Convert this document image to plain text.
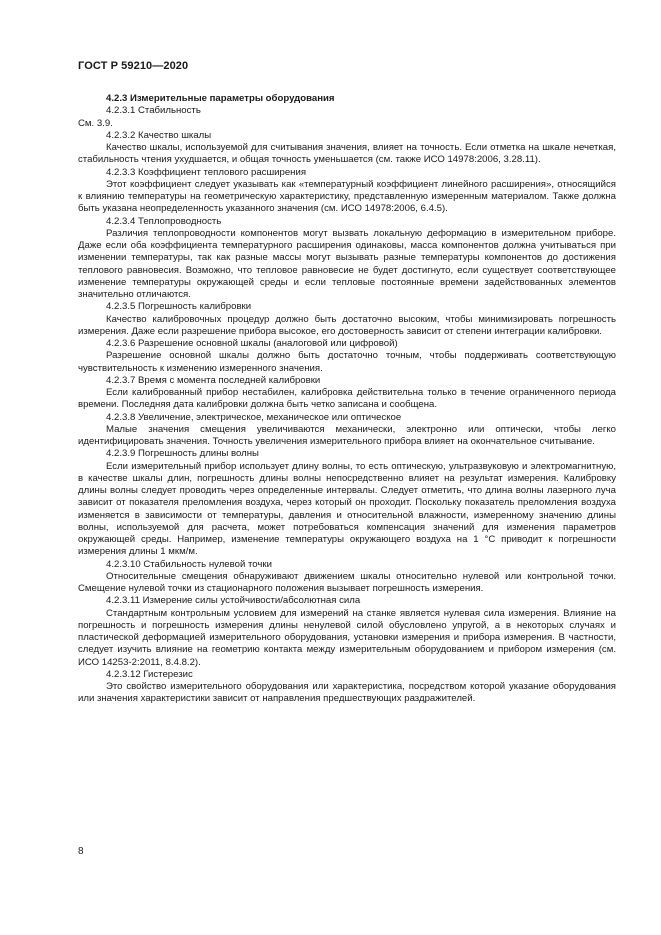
ГОСТ Р 59210—2020

4.2.3 Измерительные параметры оборудования

4.2.3.1 Стабильность

См. 3.9.

4.2.3.2 Качество шкалы

Качество шкалы, используемой для считывания значения, влияет на точность. Если отметка на шкале нечеткая, стабильность чтения ухудшается, и общая точность уменьшается (см. также ИСО 14978:2006, 3.28.11).

4.2.3.3 Коэффициент теплового расширения

Этот коэффициент следует указывать как «температурный коэффициент линейного расширения», относящийся к влиянию температуры на геометрическую характеристику, представленную измеренным материалом. Также должна быть указана неопределенность указанного значения (см. ИСО 14978:2006, 6.4.5).

4.2.3.4 Теплопроводность

Различия теплопроводности компонентов могут вызвать локальную деформацию в измерительном приборе. Даже если оба коэффициента температурного расширения одинаковы, масса компонентов должна учитываться при изменении температуры, так как разные массы могут вызывать разные температуры компонентов до достижения теплового равновесия. Возможно, что тепловое равновесие не будет достигнуто, если существует соответствующее изменение температуры окружающей среды и если тепловые постоянные времени задействованных элементов значительно отличаются.

4.2.3.5 Погрешность калибровки

Качество калибровочных процедур должно быть достаточно высоким, чтобы минимизировать погрешность измерения. Даже если разрешение прибора высокое, его достоверность зависит от степени интеграции калибровки.

4.2.3.6 Разрешение основной шкалы (аналоговой или цифровой)

Разрешение основной шкалы должно быть достаточно точным, чтобы поддерживать соответствующую чувствительность к изменению измеренного значения.

4.2.3.7 Время с момента последней калибровки

Если калиброванный прибор нестабилен, калибровка действительна только в течение ограниченного периода времени. Последняя дата калибровки должна быть четко записана и сообщена.

4.2.3.8 Увеличение, электрическое, механическое или оптическое

Малые значения смещения увеличиваются механически, электронно или оптически, чтобы легко идентифицировать значения. Точность увеличения измерительного прибора влияет на окончательное считывание.

4.2.3.9 Погрешность длины волны

Если измерительный прибор использует длину волны, то есть оптическую, ультразвуковую и электромагнитную, в качестве шкалы длин, погрешность длины волны непосредственно влияет на результат измерения. Калибровку длины волны следует проводить через определенные интервалы. Следует отметить, что длина волны лазерного луча зависит от показателя преломления воздуха, через который он проходит. Поскольку показатель преломления воздуха изменяется в зависимости от температуры, давления и относительной влажности, измеренному значению длины волны, используемой для расчета, может потребоваться компенсация значений для изменения параметров окружающей среды. Например, изменение температуры окружающего воздуха на 1 °С приводит к погрешности измерения длины 1 мкм/м.

4.2.3.10 Стабильность нулевой точки

Относительные смещения обнаруживают движением шкалы относительно нулевой или контрольной точки. Смещение нулевой точки из стационарного положения вызывает погрешность измерения.

4.2.3.11 Измерение силы устойчивости/абсолютная сила

Стандартным контрольным условием для измерений на станке является нулевая сила измерения. Влияние на погрешность и погрешность измерения длины ненулевой силой обусловлено упругой, а в некоторых случаях и пластической деформацией измерительного оборудования, установки измерения и прибора измерения. В частности, следует изучить влияние на геометрию контакта между измерительным оборудованием и прибором измерения (см. ИСО 14253-2:2011, 8.4.8.2).

4.2.3.12 Гистерезис

Это свойство измерительного оборудования или характеристика, посредством которой указание оборудования или значения характеристики зависит от направления предшествующих раздражителей.

8
